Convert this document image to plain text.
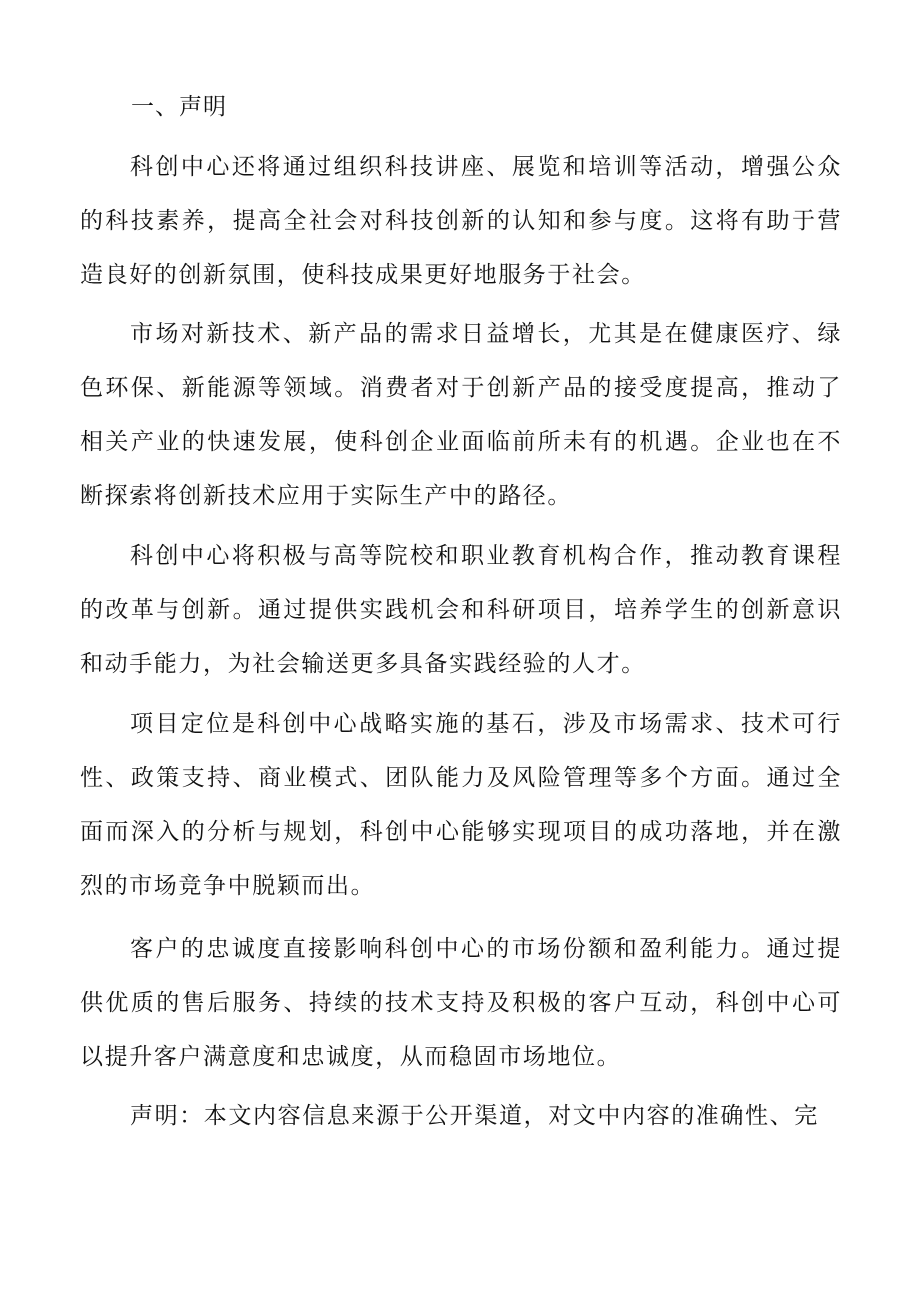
一、声明

科创中心还将通过组织科技讲座、展览和培训等活动，增强公众 的科技素养，提高全社会对科技创新的认知和参与度。这将有助于营 造良好的创新氛围，使科技成果更好地服务于社会。

市场对新技术、新产品的需求日益增长，尤其是在健康医疗、绿 色环保、新能源等领域。消费者对于创新产品的接受度提高，推动了 相关产业的快速发展，使科创企业面临前所未有的机遇。企业也在不 断探索将创新技术应用于实际生产中的路径。

科创中心将积极与高等院校和职业教育机构合作，推动教育课程 的改革与创新。通过提供实践机会和科研项目，培养学生的创新意识 和动手能力，为社会输送更多具备实践经验的人才。

项目定位是科创中心战略实施的基石，涉及市场需求、技术可行 性、政策支持、商业模式、团队能力及风险管理等多个方面。通过全 面而深入的分析与规划，科创中心能够实现项目的成功落地，并在激 烈的市场竞争中脱颖而出。

客户的忠诚度直接影响科创中心的市场份额和盈利能力。通过提 供优质的售后服务、持续的技术支持及积极的客户互动，科创中心可 以提升客户满意度和忠诚度，从而稳固市场地位。

声明：本文内容信息来源于公开渠道，对文中内容的准确性、完
